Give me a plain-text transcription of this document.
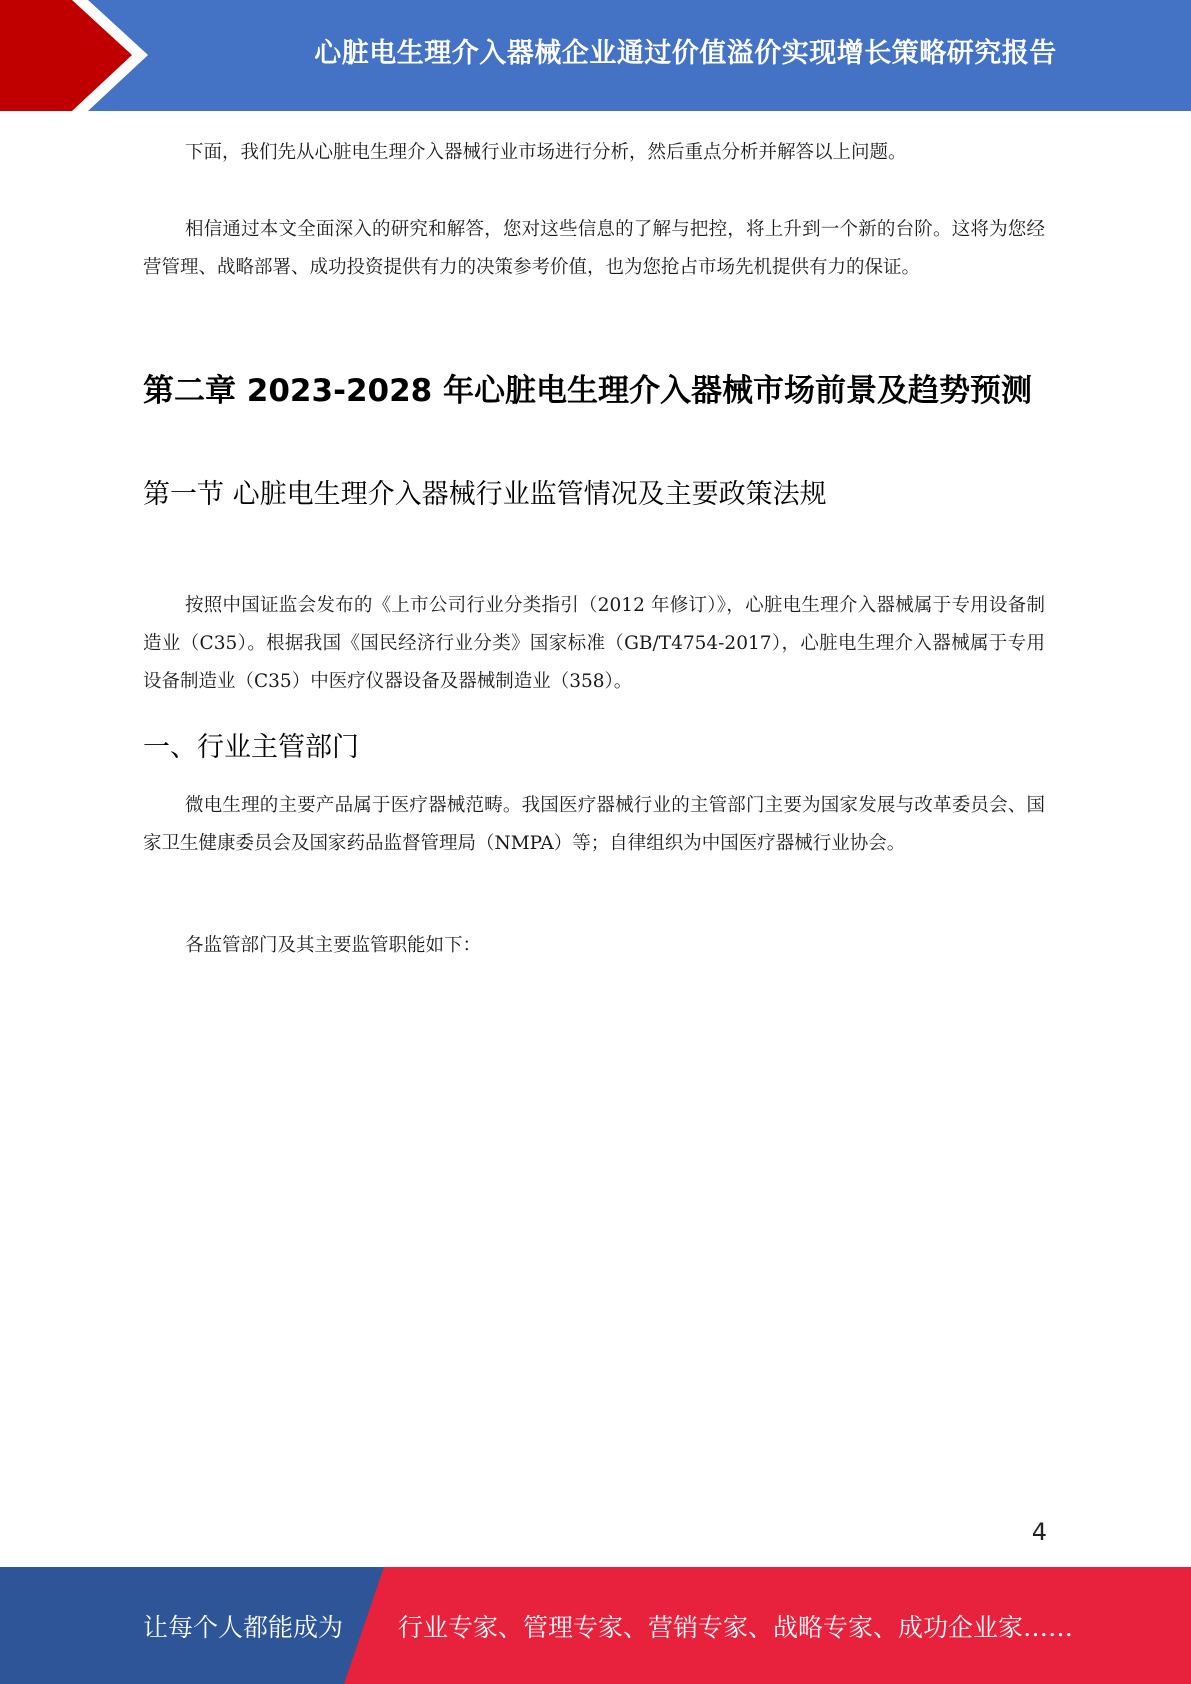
心脏电生理介入器械企业通过价值溢价实现增长策略研究报告

下面，我们先从心脏电生理介入器械行业市场进行分析，然后重点分析并解答以上问题。

相信通过本文全面深入的研究和解答，您对这些信息的了解与把控，将上升到一个新的台阶。这将为您经营管理、战略部署、成功投资提供有力的决策参考价值，也为您抢占市场先机提供有力的保证。

第二章 2023-2028 年心脏电生理介入器械市场前景及趋势预测
第一节 心脏电生理介入器械行业监管情况及主要政策法规

按照中国证监会发布的《上市公司行业分类指引（2012 年修订）》，心脏电生理介入器械属于专用设备制造业（C35）。根据我国《国民经济行业分类》国家标准（GB/T4754-2017），心脏电生理介入器械属于专用设备制造业（C35）中医疗仪器设备及器械制造业（358）。

一、行业主管部门

微电生理的主要产品属于医疗器械范畴。我国医疗器械行业的主管部门主要为国家发展与改革委员会、国家卫生健康委员会及国家药品监督管理局（NMPA）等；自律组织为中国医疗器械行业协会。

各监管部门及其主要监管职能如下：

4
让每个人都能成为 行业专家、管理专家、营销专家、战略专家、成功企业家……
